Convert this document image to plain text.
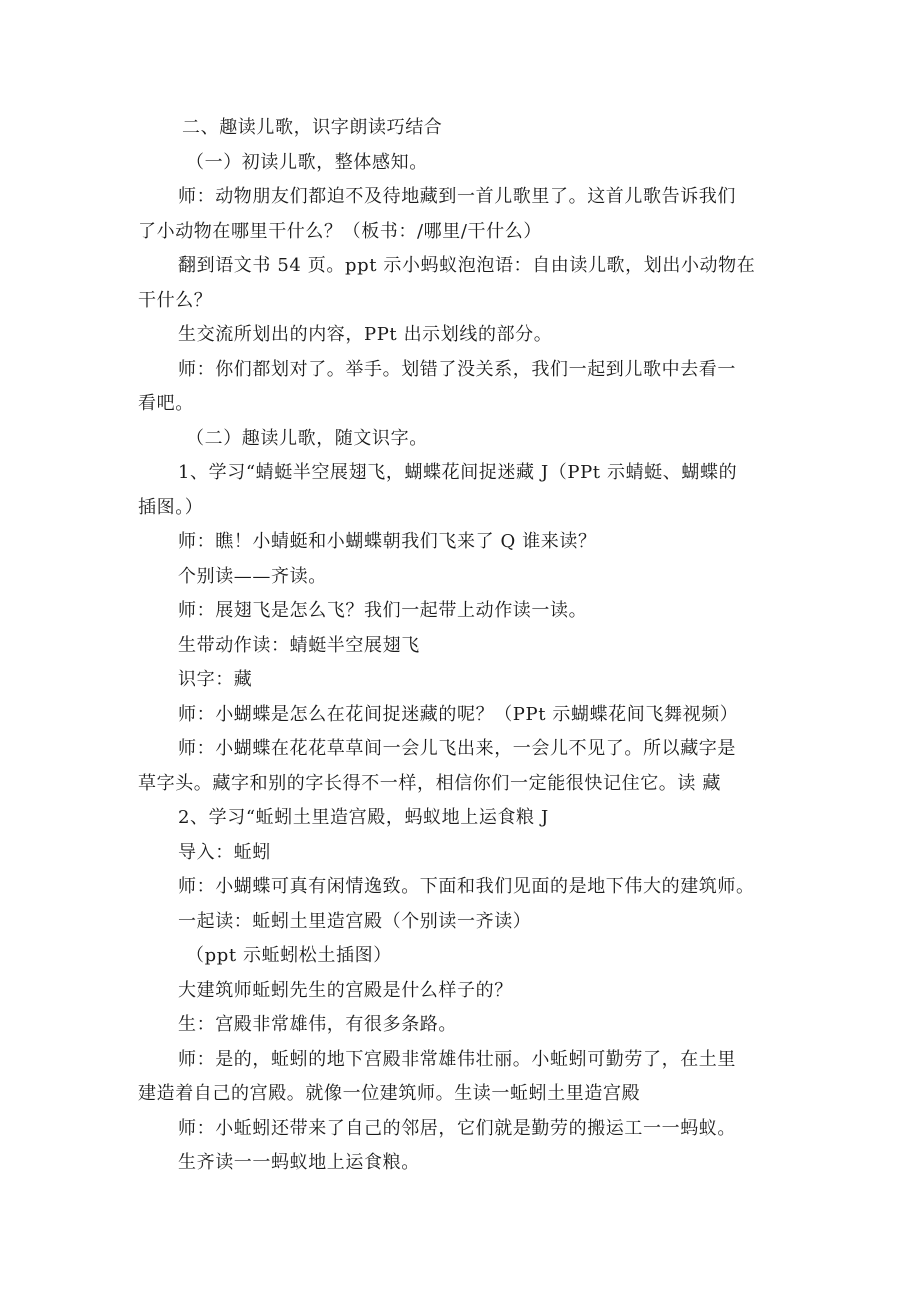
二、趣读儿歌，识字朗读巧结合
（一）初读儿歌，整体感知。
师：动物朋友们都迫不及待地藏到一首儿歌里了。这首儿歌告诉我们
了小动物在哪里干什么？（板书：/哪里/干什么）
翻到语文书 54 页。ppt 示小蚂蚁泡泡语：自由读儿歌，划出小动物在
干什么？
生交流所划出的内容，PPt 出示划线的部分。
师：你们都划对了。举手。划错了没关系，我们一起到儿歌中去看一
看吧。
（二）趣读儿歌，随文识字。
1、学习“蜻蜓半空展翅飞，蝴蝶花间捉迷藏 J（PPt 示蜻蜓、蝴蝶的
插图。）
师：瞧！小蜻蜓和小蝴蝶朝我们飞来了 Q 谁来读？
个别读——齐读。
师：展翅飞是怎么飞？我们一起带上动作读一读。
生带动作读：蜻蜓半空展翅飞
识字：藏
师：小蝴蝶是怎么在花间捉迷藏的呢？（PPt 示蝴蝶花间飞舞视频）
师：小蝴蝶在花花草草间一会儿飞出来，一会儿不见了。所以藏字是
草字头。藏字和别的字长得不一样，相信你们一定能很快记住它。读 藏
2、学习“蚯蚓土里造宫殿，蚂蚁地上运食粮 J
导入：蚯蚓
师：小蝴蝶可真有闲情逸致。下面和我们见面的是地下伟大的建筑师。
一起读：蚯蚓土里造宫殿（个别读一齐读）
（ppt 示蚯蚓松土插图）
大建筑师蚯蚓先生的宫殿是什么样子的？
生：宫殿非常雄伟，有很多条路。
师：是的，蚯蚓的地下宫殿非常雄伟壮丽。小蚯蚓可勤劳了，在土里
建造着自己的宫殿。就像一位建筑师。生读一蚯蚓土里造宫殿
师：小蚯蚓还带来了自己的邻居，它们就是勤劳的搬运工一一蚂蚁。
生齐读一一蚂蚁地上运食粮。
